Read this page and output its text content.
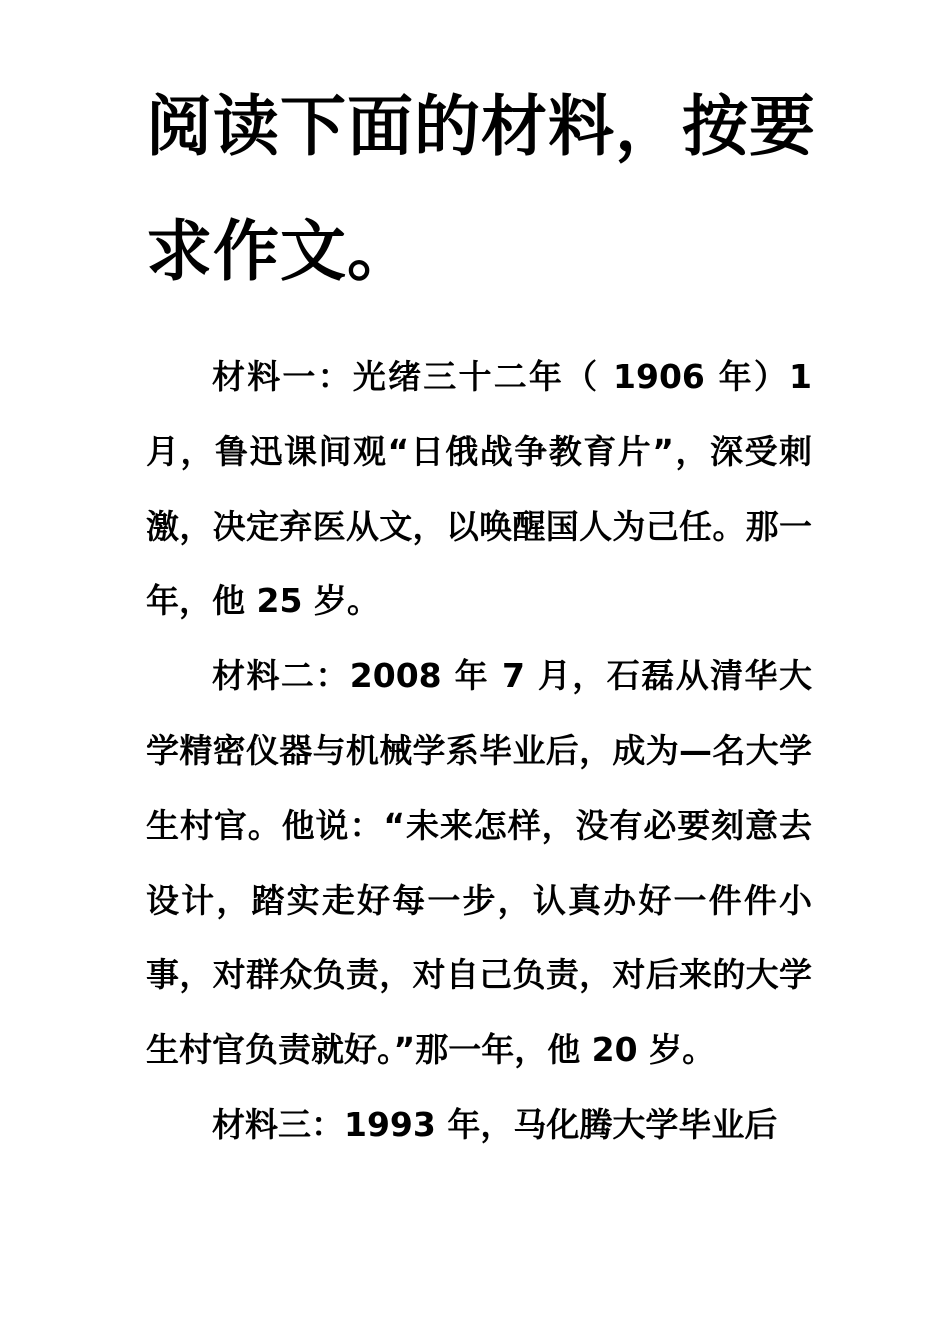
阅读下面的材料，按要求作文。

材料一：光绪三十二年（ 1906 年）1月，鲁迅课间观“日俄战争教育片”，深受刺激，决定弃医从文，以唤醒国人为己任。那一年，他 25 岁。

材料二：2008 年 7 月，石磊从清华大学精密仪器与机械学系毕业后，成为—名大学生村官。他说：“未来怎样，没有必要刻意去设计，踏实走好每一步，认真办好一件件小事，对群众负责，对自己负责，对后来的大学生村官负责就好。”那一年，他 20 岁。

材料三：1993 年，马化腾大学毕业后
